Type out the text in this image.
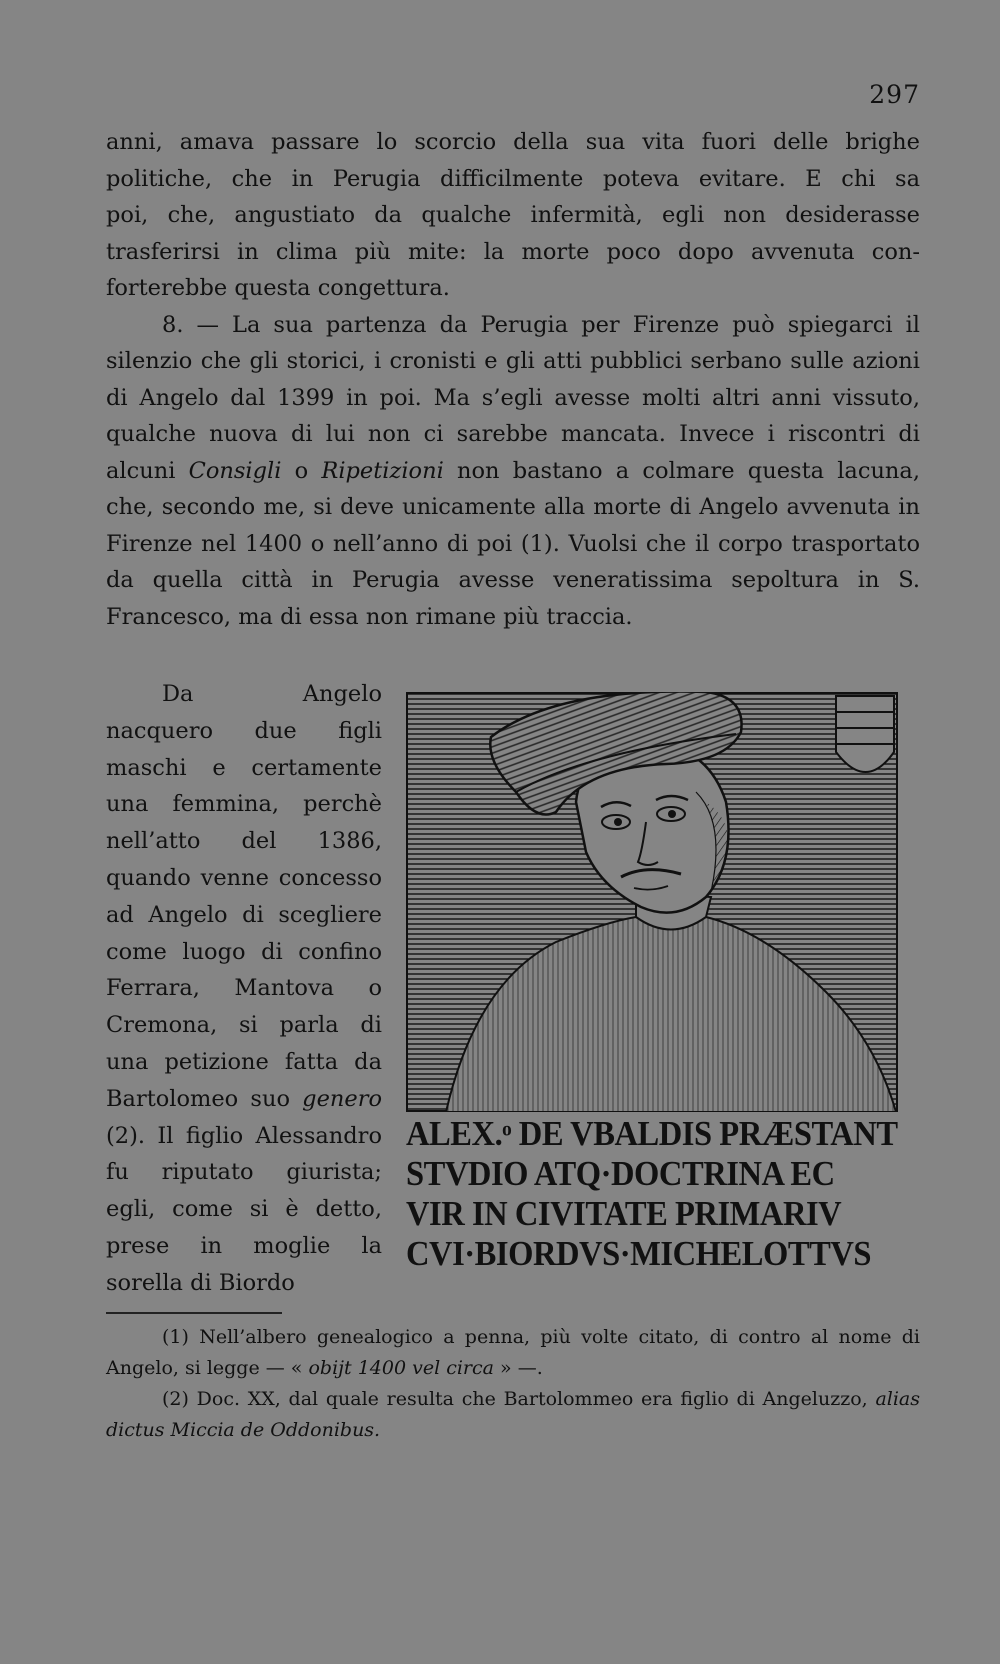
297

anni, amava passare lo scorcio della sua vita fuori delle brighe

politiche, che in Perugia difficilmente poteva evitare. E chi sa

poi, che, angustiato da qualche infermità, egli non desiderasse

trasferirsi in clima più mite: la morte poco dopo avvenuta con-

forterebbe questa congettura.

8. — La sua partenza da Perugia per Firenze può spiegarci il silenzio che gli storici, i cronisti e gli atti pubblici serbano sulle azioni di Angelo dal 1399 in poi. Ma s’egli avesse molti altri anni vissuto, qualche nuova di lui non ci sarebbe mancata. Invece i riscontri di alcuni Consigli o Ripetizioni non bastano a colmare questa lacuna, che, secondo me, si deve unicamente alla morte di Angelo avvenuta in Firenze nel 1400 o nell’anno di poi (1). Vuolsi che il corpo trasportato da quella città in Perugia avesse veneratissima sepoltura in S. Francesco, ma di essa non rimane più traccia.

Da Angelo nacquero due figli maschi e certamente una femmina, perchè nell’atto del 1386, quando venne concesso ad Angelo di scegliere come luogo di confino Ferrara, Mantova o Cremona, si parla di una petizione fatta da Bartolomeo suo genero (2). Il figlio Alessandro fu riputato giurista; egli, come si è detto, prese in moglie la sorella di Biordo

ALEX.ᵒ DE VBALDIS PRÆSTANT
STVDIO ATQ·DOCTRINA EC
VIR IN CIVITATE PRIMARIV
CVI·BIORDVS·MICHELOTTVS

(1) Nell’albero genealogico a penna, più volte citato, di contro al nome di Angelo, si legge — « obijt 1400 vel circa » —.

(2) Doc. XX, dal quale resulta che Bartolommeo era figlio di Angeluzzo, alias dictus Miccia de Oddonibus.
